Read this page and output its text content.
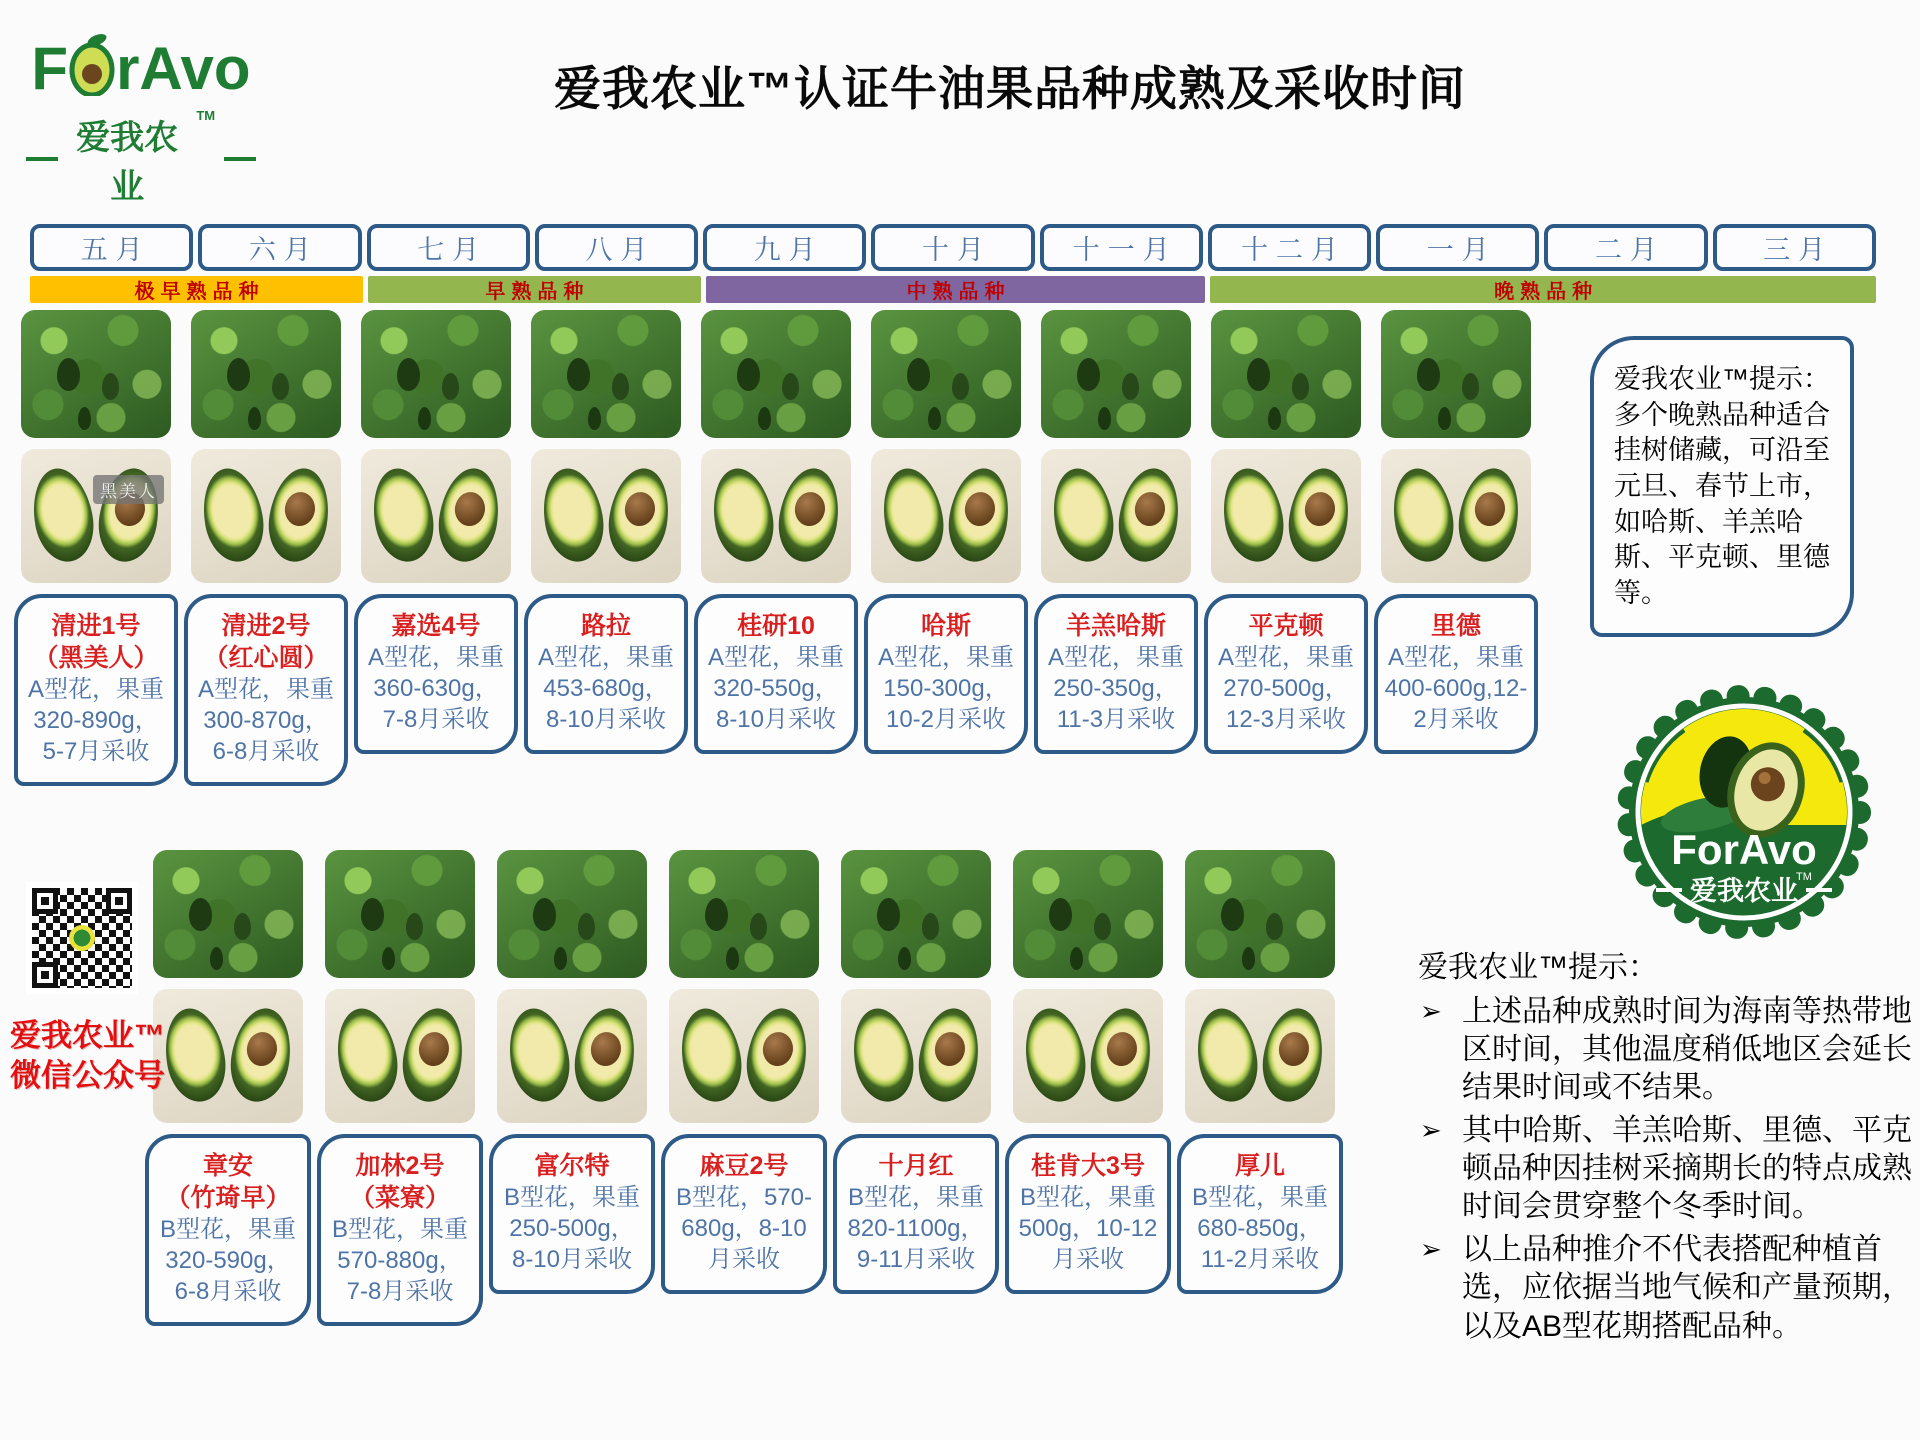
F rAvo
爱我农业
™
爱我农业™认证牛油果品种成熟及采收时间
五月	六月	七月	八月	九月	十月	十一月	十二月	一月	二月	三月
极早熟品种	早熟品种	中熟品种	晚熟品种
黑美人
清进1号
（黑美人）
A型花，果重320-890g，5-7月采收
清进2号
（红心圆）
A型花，果重300-870g，6-8月采收
嘉选4号
A型花，果重360-630g，7-8月采收
路拉
A型花，果重453-680g，8-10月采收
桂研10
A型花，果重320-550g，8-10月采收
哈斯
A型花，果重150-300g，10-2月采收
羊羔哈斯
A型花，果重250-350g，11-3月采收
平克顿
A型花，果重270-500g，12-3月采收
里德
A型花，果重400-600g,12-2月采收
章安
（竹琦早）
B型花，果重320-590g，6-8月采收
加林2号
（菜寮）
B型花，果重570-880g，7-8月采收
富尔特
B型花，果重250-500g，8-10月采收
麻豆2号
B型花，570-680g，8-10月采收
十月红
B型花，果重820-1100g，9-11月采收
桂肯大3号
B型花，果重500g，10-12月采收
厚儿
B型花，果重680-850g，11-2月采收
爱我农业™提示：
多个晚熟品种适合挂树储藏，可沿至元旦、春节上市，如哈斯、羊羔哈斯、平克顿、里德等。
ForAvo
爱我农业
TM
爱我农业™
微信公众号
爱我农业™提示：
➢ 上述品种成熟时间为海南等热带地区时间，其他温度稍低地区会延长结果时间或不结果。
➢ 其中哈斯、羊羔哈斯、里德、平克顿品种因挂树采摘期长的特点成熟时间会贯穿整个冬季时间。
➢ 以上品种推介不代表搭配种植首选，应依据当地气候和产量预期，以及AB型花期搭配品种。
